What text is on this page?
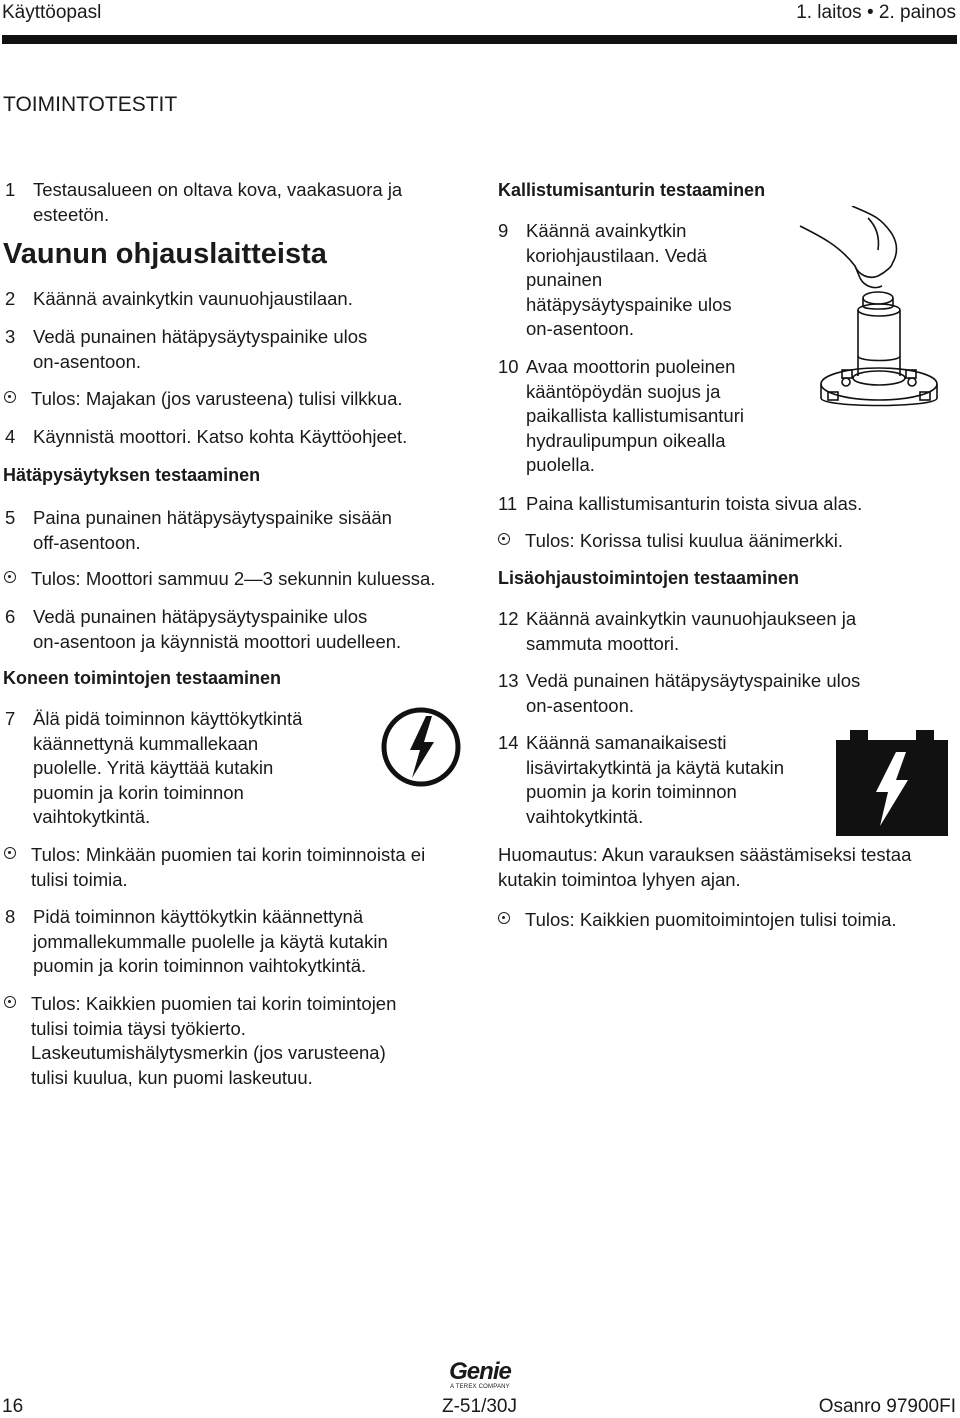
Käyttöopasl	1. laitos • 2. painos
TOIMINTOTESTIT
1 Testausalueen on oltava kova, vaakasuora ja
esteetön.
Vaunun ohjauslaitteista
2 Käännä avainkytkin vaunuohjaustilaan.
3 Vedä punainen hätäpysäytyspainike ulos
on-asentoon.
Tulos: Majakan (jos varusteena) tulisi vilkkua.
4 Käynnistä moottori. Katso kohta Käyttöohjeet.
Hätäpysäytyksen testaaminen
5 Paina punainen hätäpysäytyspainike sisään
off-asentoon.
Tulos: Moottori sammuu 2—3 sekunnin kuluessa.
6 Vedä punainen hätäpysäytyspainike ulos
on-asentoon ja käynnistä moottori uudelleen.
Koneen toimintojen testaaminen
7 Älä pidä toiminnon käyttökytkintä
käännettynä kummallekaan
puolelle. Yritä käyttää kutakin
puomin ja korin toiminnon
vaihtokytkintä.
Tulos: Minkään puomien tai korin toiminnoista ei
tulisi toimia.
8 Pidä toiminnon käyttökytkin käännettynä
jommallekummalle puolelle ja käytä kutakin
puomin ja korin toiminnon vaihtokytkintä.
Tulos: Kaikkien puomien tai korin toimintojen
tulisi toimia täysi työkierto.
Laskeutumishälytysmerkin (jos varusteena)
tulisi kuulua, kun puomi laskeutuu.
Kallistumisanturin testaaminen
9 Käännä avainkytkin
koriohjaustilaan. Vedä
punainen
hätäpysäytyspainike ulos
on-asentoon.
10 Avaa moottorin puoleinen
kääntöpöydän suojus ja
paikallista kallistumisanturi
hydraulipumpun oikealla
puolella.
11 Paina kallistumisanturin toista sivua alas.
Tulos: Korissa tulisi kuulua äänimerkki.
Lisäohjaustoimintojen testaaminen
12 Käännä avainkytkin vaunuohjaukseen ja
sammuta moottori.
13 Vedä punainen hätäpysäytyspainike ulos
on-asentoon.
14 Käännä samanaikaisesti
lisävirtakytkintä ja käytä kutakin
puomin ja korin toiminnon
vaihtokytkintä.
Huomautus: Akun varauksen säästämiseksi testaa
kutakin toimintoa lyhyen ajan.
Tulos: Kaikkien puomitoimintojen tulisi toimia.
Genie
A TEREX COMPANY
16	Z-51/30J	Osanro 97900FI
